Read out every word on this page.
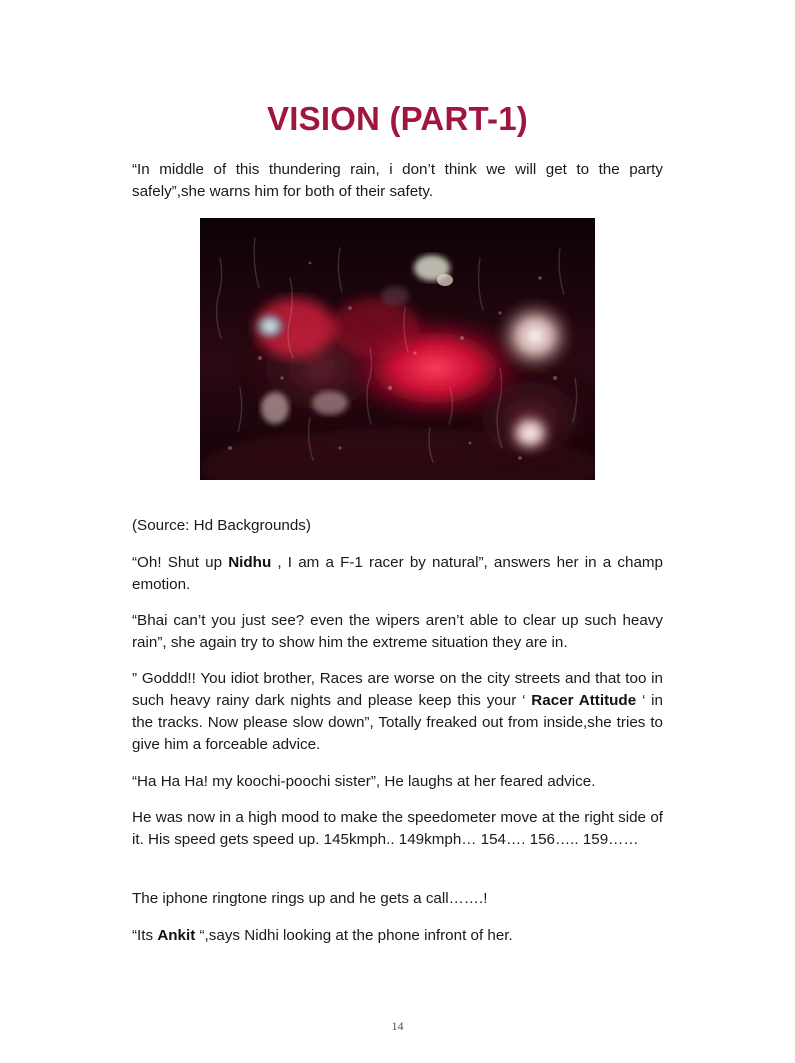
VISION (PART-1)

“In middle of this thundering rain, i don’t think we will get to the party safely”,she warns him for both of their safety.

(Source: Hd Backgrounds)

“Oh! Shut up Nidhu , I am a F-1 racer by natural”, answers her in a champ emotion.

“Bhai can’t you just see? even the wipers aren’t able to clear up such heavy rain”, she again try to show him the extreme situation they are in.

” Goddd!! You idiot brother, Races are worse on the city streets and that too in such heavy rainy dark nights and please keep this your ‘ Racer Attitude ‘ in the tracks. Now please slow down”, Totally freaked out from inside,she tries to give him a forceable advice.

“Ha Ha Ha! my koochi-poochi sister”, He laughs at her feared advice.

He was now in a high mood to make the speedometer move at the right side of it. His speed gets speed up. 145kmph.. 149kmph… 154…. 156….. 159……

The iphone ringtone rings up and he gets a call…….!

“Its Ankit “,says Nidhi looking at the phone infront of her.

14
